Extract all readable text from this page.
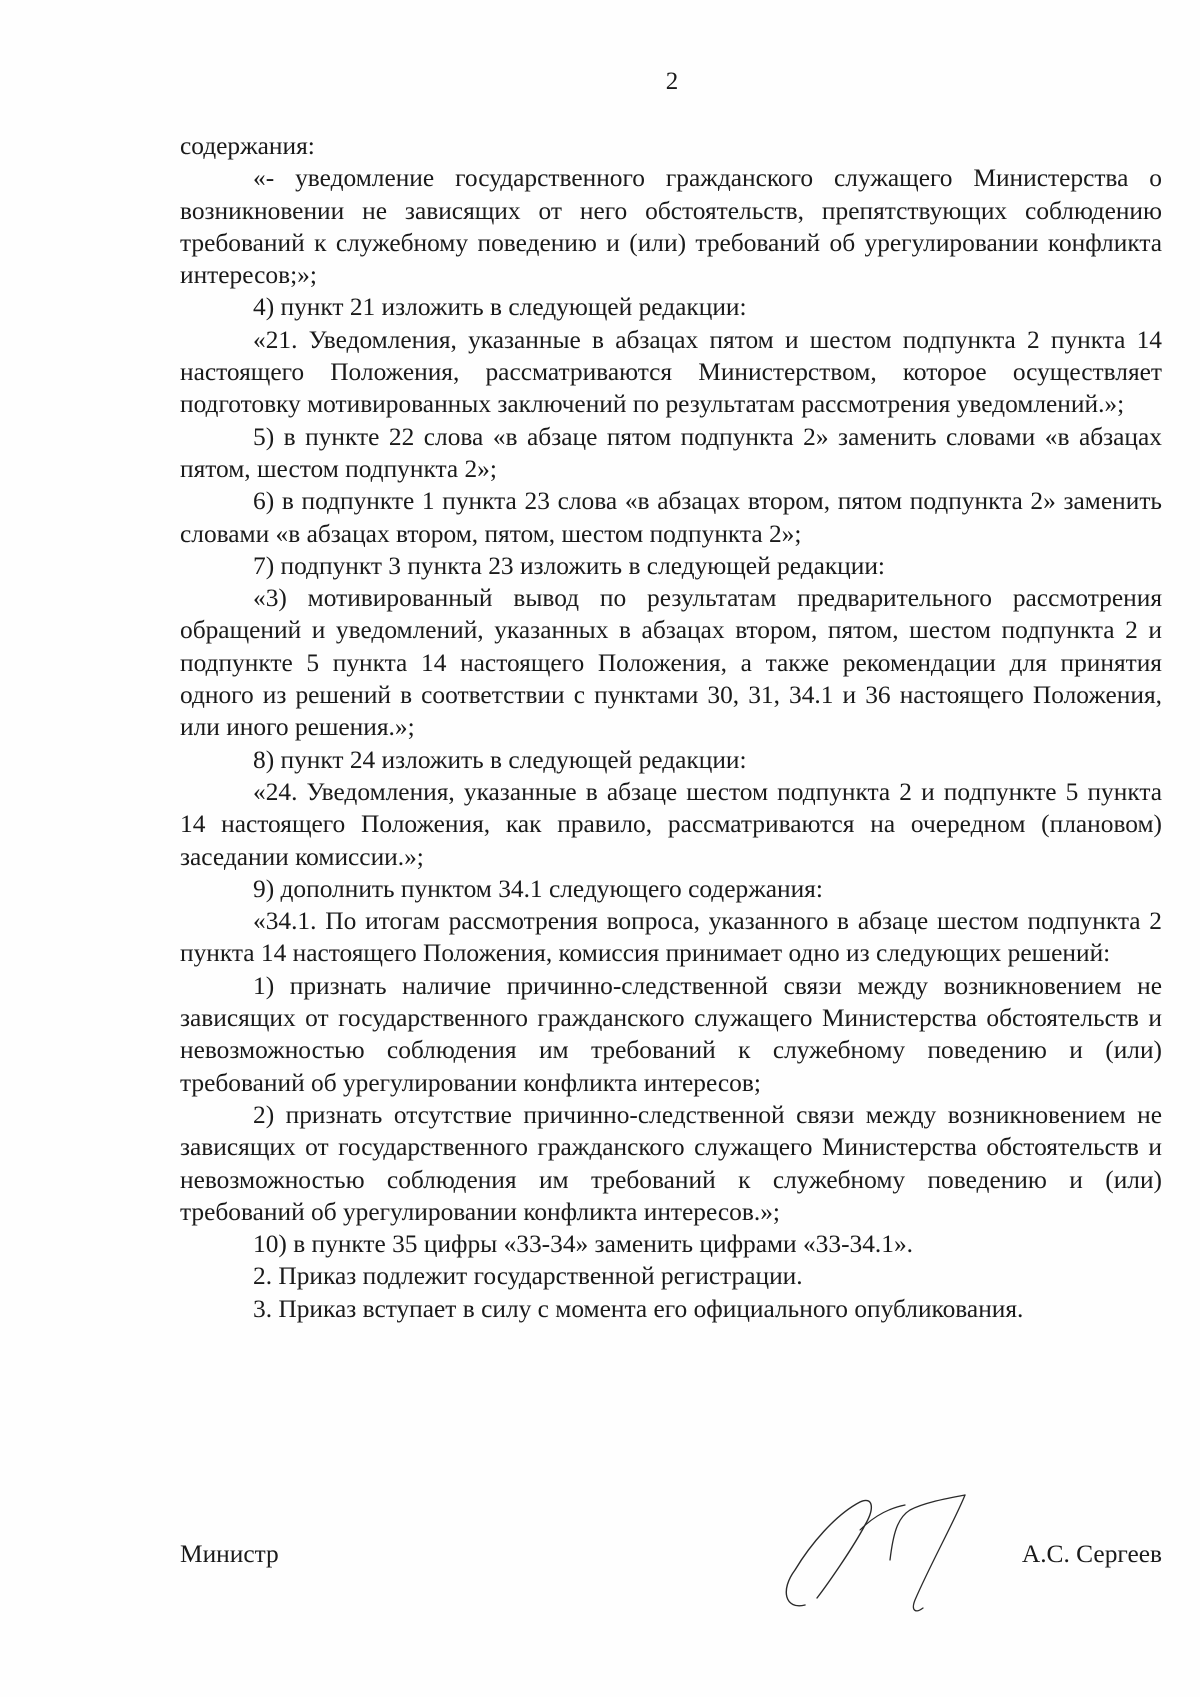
2

содержания:

«- уведомление государственного гражданского служащего Министерства о возникновении не зависящих от него обстоятельств, препятствующих соблюдению требований к служебному поведению и (или) требований об урегулировании конфликта интересов;»;

4) пункт 21 изложить в следующей редакции:

«21. Уведомления, указанные в абзацах пятом и шестом подпункта 2 пункта 14 настоящего Положения, рассматриваются Министерством, которое осуществляет подготовку мотивированных заключений по результатам рассмотрения уведомлений.»;

5) в пункте 22 слова «в абзаце пятом подпункта 2» заменить словами «в абзацах пятом, шестом подпункта 2»;

6) в подпункте 1 пункта 23 слова «в абзацах втором, пятом подпункта 2» заменить словами «в абзацах втором, пятом, шестом подпункта 2»;

7) подпункт 3 пункта 23 изложить в следующей редакции:

«3) мотивированный вывод по результатам предварительного рассмотрения обращений и уведомлений, указанных в абзацах втором, пятом, шестом подпункта 2 и подпункте 5 пункта 14 настоящего Положения, а также рекомендации для принятия одного из решений в соответствии с пунктами 30, 31, 34.1 и 36 настоящего Положения, или иного решения.»;

8) пункт 24 изложить в следующей редакции:

«24. Уведомления, указанные в абзаце шестом подпункта 2 и подпункте 5 пункта 14 настоящего Положения, как правило, рассматриваются на очередном (плановом) заседании комиссии.»;

9) дополнить пунктом 34.1 следующего содержания:

«34.1. По итогам рассмотрения вопроса, указанного в абзаце шестом подпункта 2 пункта 14 настоящего Положения, комиссия принимает одно из следующих решений:

1) признать наличие причинно-следственной связи между возникновением не зависящих от государственного гражданского служащего Министерства обстоятельств и невозможностью соблюдения им требований к служебному поведению и (или) требований об урегулировании конфликта интересов;

2) признать отсутствие причинно-следственной связи между возникновением не зависящих от государственного гражданского служащего Министерства обстоятельств и невозможностью соблюдения им требований к служебному поведению и (или) требований об урегулировании конфликта интересов.»;

10) в пункте 35 цифры «33-34» заменить цифрами «33-34.1».

2. Приказ подлежит государственной регистрации.

3. Приказ вступает в силу с момента его официального опубликования.

Министр	А.С. Сергеев
